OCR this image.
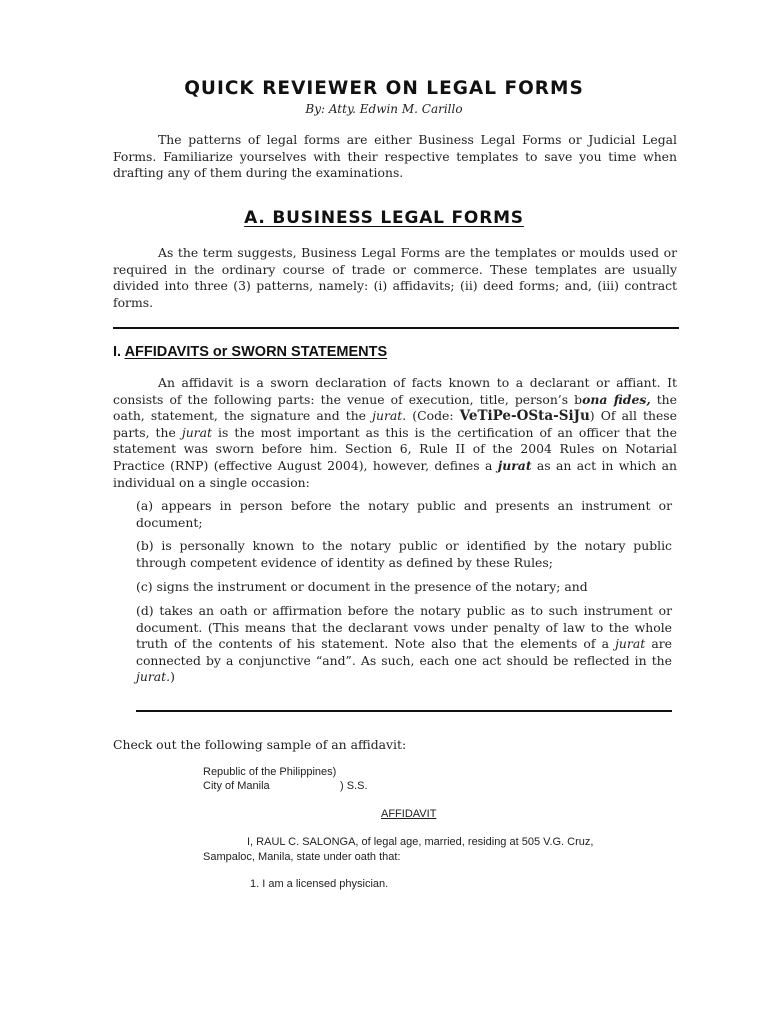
QUICK REVIEWER ON LEGAL FORMS
By: Atty. Edwin M. Carillo

The patterns of legal forms are either Business Legal Forms or Judicial Legal Forms. Familiarize yourselves with their respective templates to save you time when drafting any of them during the examinations.

A. BUSINESS LEGAL FORMS

As the term suggests, Business Legal Forms are the templates or moulds used or required in the ordinary course of trade or commerce. These templates are usually divided into three (3) patterns, namely: (i) affidavits; (ii) deed forms; and, (iii) contract forms.

I. AFFIDAVITS or SWORN STATEMENTS

An affidavit is a sworn declaration of facts known to a declarant or affiant. It consists of the following parts: the venue of execution, title, person’s bona fides, the oath, statement, the signature and the jurat. (Code: VeTiPe-OSta-SiJu) Of all these parts, the jurat is the most important as this is the certification of an officer that the statement was sworn before him. Section 6, Rule II of the 2004 Rules on Notarial Practice (RNP) (effective August 2004), however, defines a jurat as an act in which an individual on a single occasion:

(a) appears in person before the notary public and presents an instrument or document;

(b) is personally known to the notary public or identified by the notary public through competent evidence of identity as defined by these Rules;

(c) signs the instrument or document in the presence of the notary; and

(d) takes an oath or affirmation before the notary public as to such instrument or document. (This means that the declarant vows under penalty of law to the whole truth of the contents of his statement. Note also that the elements of a jurat are connected by a conjunctive “and”. As such, each one act should be reflected in the jurat.)

Check out the following sample of an affidavit:

Republic of the Philippines)

City of Manila	) S.S.

AFFIDAVIT

I, RAUL C. SALONGA, of legal age, married, residing at 505 V.G. Cruz, Sampaloc, Manila, state under oath that:

1. I am a licensed physician.
